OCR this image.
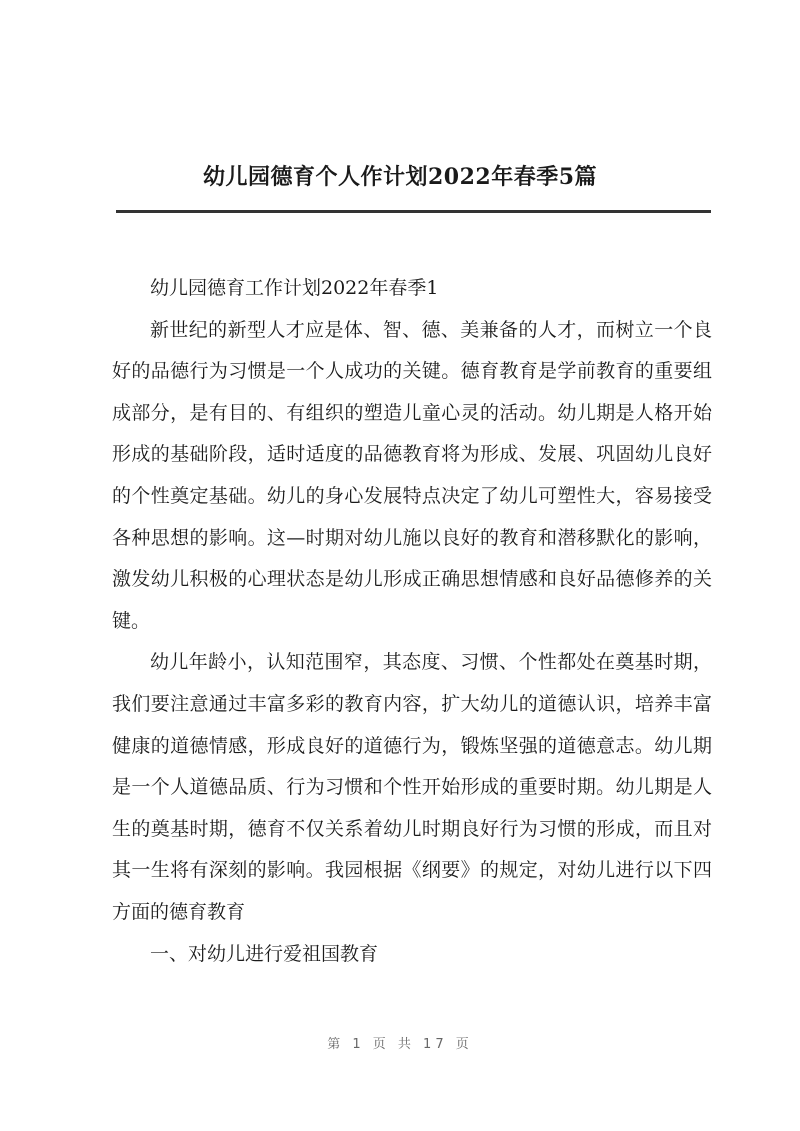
幼儿园德育个人作计划2022年春季5篇

幼儿园德育工作计划2022年春季1

新世纪的新型人才应是体、智、德、美兼备的人才，而树立一个良好的品德行为习惯是一个人成功的关键。德育教育是学前教育的重要组成部分，是有目的、有组织的塑造儿童心灵的活动。幼儿期是人格开始形成的基础阶段，适时适度的品德教育将为形成、发展、巩固幼儿良好的个性奠定基础。幼儿的身心发展特点决定了幼儿可塑性大，容易接受各种思想的影响。这—时期对幼儿施以良好的教育和潜移默化的影响，激发幼儿积极的心理状态是幼儿形成正确思想情感和良好品德修养的关键。

幼儿年龄小，认知范围窄，其态度、习惯、个性都处在奠基时期，我们要注意通过丰富多彩的教育内容，扩大幼儿的道德认识，培养丰富健康的道德情感，形成良好的道德行为，锻炼坚强的道德意志。幼儿期是一个人道德品质、行为习惯和个性开始形成的重要时期。幼儿期是人生的奠基时期，德育不仅关系着幼儿时期良好行为习惯的形成，而且对其一生将有深刻的影响。我园根据《纲要》的规定，对幼儿进行以下四方面的德育教育

一、对幼儿进行爱祖国教育

第 1 页 共 17 页
